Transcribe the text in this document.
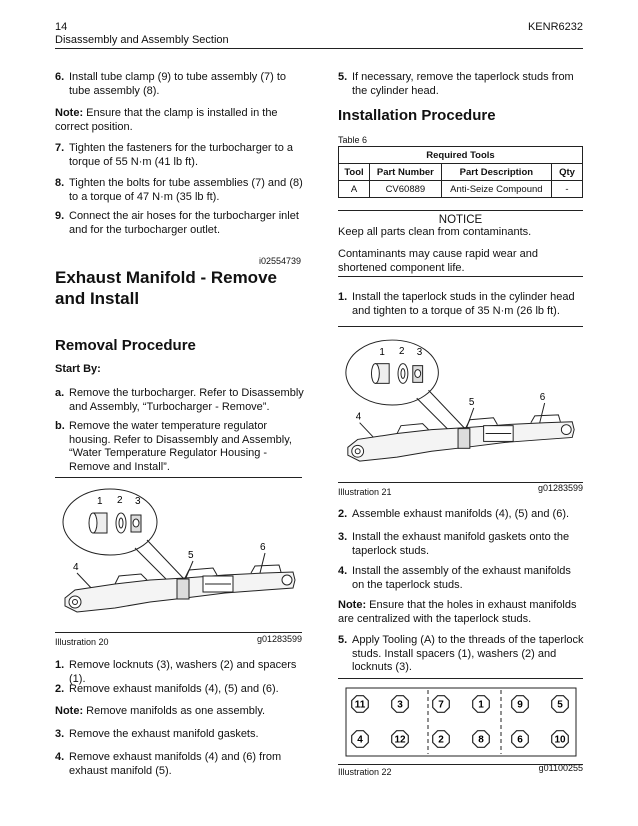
14	KENR6232
Disassembly and Assembly Section
6. Install tube clamp (9) to tube assembly (7) to tube assembly (8).
Note: Ensure that the clamp is installed in the correct position.
7. Tighten the fasteners for the turbocharger to a torque of 55 N·m (41 lb ft).
8. Tighten the bolts for tube assemblies (7) and (8) to a torque of 47 N·m (35 lb ft).
9. Connect the air hoses for the turbocharger inlet and for the turbocharger outlet.
i02554739
Exhaust Manifold - Remove
and Install
Removal Procedure
Start By:
a. Remove the turbocharger. Refer to Disassembly and Assembly, “Turbocharger - Remove”.
b. Remove the water temperature regulator housing. Refer to Disassembly and Assembly, “Water Temperature Regulator Housing - Remove and Install”.
1 2 3
4
5
6
Illustration 20	g01283599
1. Remove locknuts (3), washers (2) and spacers (1).
2. Remove exhaust manifolds (4), (5) and (6).
Note: Remove manifolds as one assembly.
3. Remove the exhaust manifold gaskets.
4. Remove exhaust manifolds (4) and (6) from exhaust manifold (5).
5. If necessary, remove the taperlock studs from the cylinder head.
Installation Procedure
Table 6
Required Tools			
Tool	Part Number	Part Description	Qty
A	CV60889	Anti-Seize Compound	-
NOTICE
Keep all parts clean from contaminants.
Contaminants may cause rapid wear and shortened component life.
1. Install the taperlock studs in the cylinder head and tighten to a torque of 35 N·m (26 lb ft).
1 2 3
4
5	6
Illustration 21	g01283599
2. Assemble exhaust manifolds (4), (5) and (6).
3. Install the exhaust manifold gaskets onto the taperlock studs.
4. Install the assembly of the exhaust manifolds on the taperlock studs.
Note: Ensure that the holes in exhaust manifolds are centralized with the taperlock studs.
5. Apply Tooling (A) to the threads of the taperlock studs. Install spacers (1), washers (2) and locknuts (3).
11	3	7	1	9	5
4	12	2	8	6	10
Illustration 22	g01100255
